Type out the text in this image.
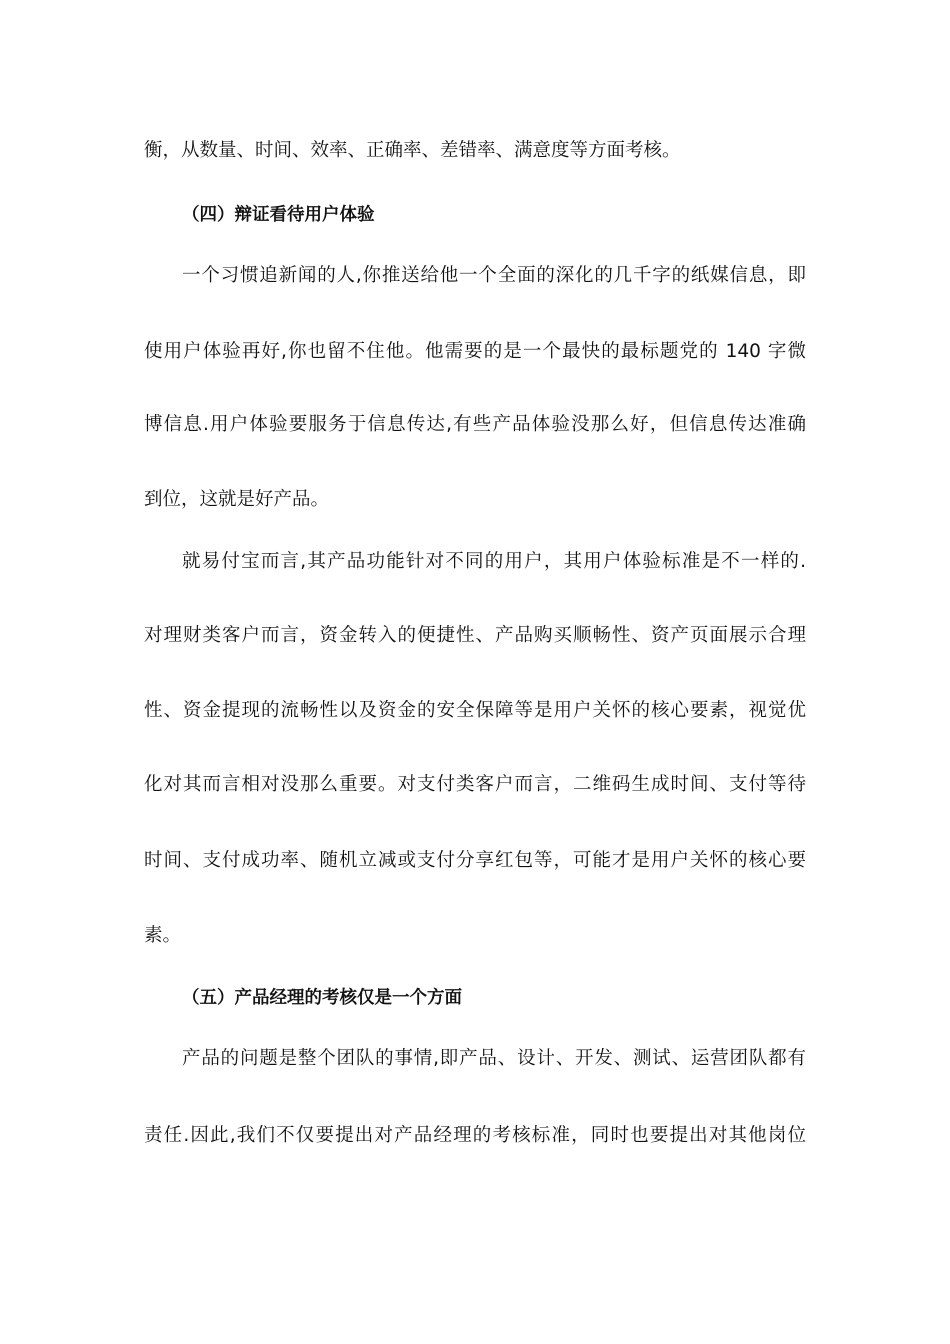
衡，从数量、时间、效率、正确率、差错率、满意度等方面考核。
（四）辩证看待用户体验
一个习惯追新闻的人,你推送给他一个全面的深化的几千字的纸媒信息，即
使用户体验再好,你也留不住他。他需要的是一个最快的最标题党的 140 字微
博信息.用户体验要服务于信息传达,有些产品体验没那么好，但信息传达准确
到位，这就是好产品。
就易付宝而言,其产品功能针对不同的用户，其用户体验标准是不一样的.
对理财类客户而言，资金转入的便捷性、产品购买顺畅性、资产页面展示合理
性、资金提现的流畅性以及资金的安全保障等是用户关怀的核心要素，视觉优
化对其而言相对没那么重要。对支付类客户而言，二维码生成时间、支付等待
时间、支付成功率、随机立减或支付分享红包等，可能才是用户关怀的核心要
素。
（五）产品经理的考核仅是一个方面
产品的问题是整个团队的事情,即产品、设计、开发、测试、运营团队都有
责任.因此,我们不仅要提出对产品经理的考核标准，同时也要提出对其他岗位
